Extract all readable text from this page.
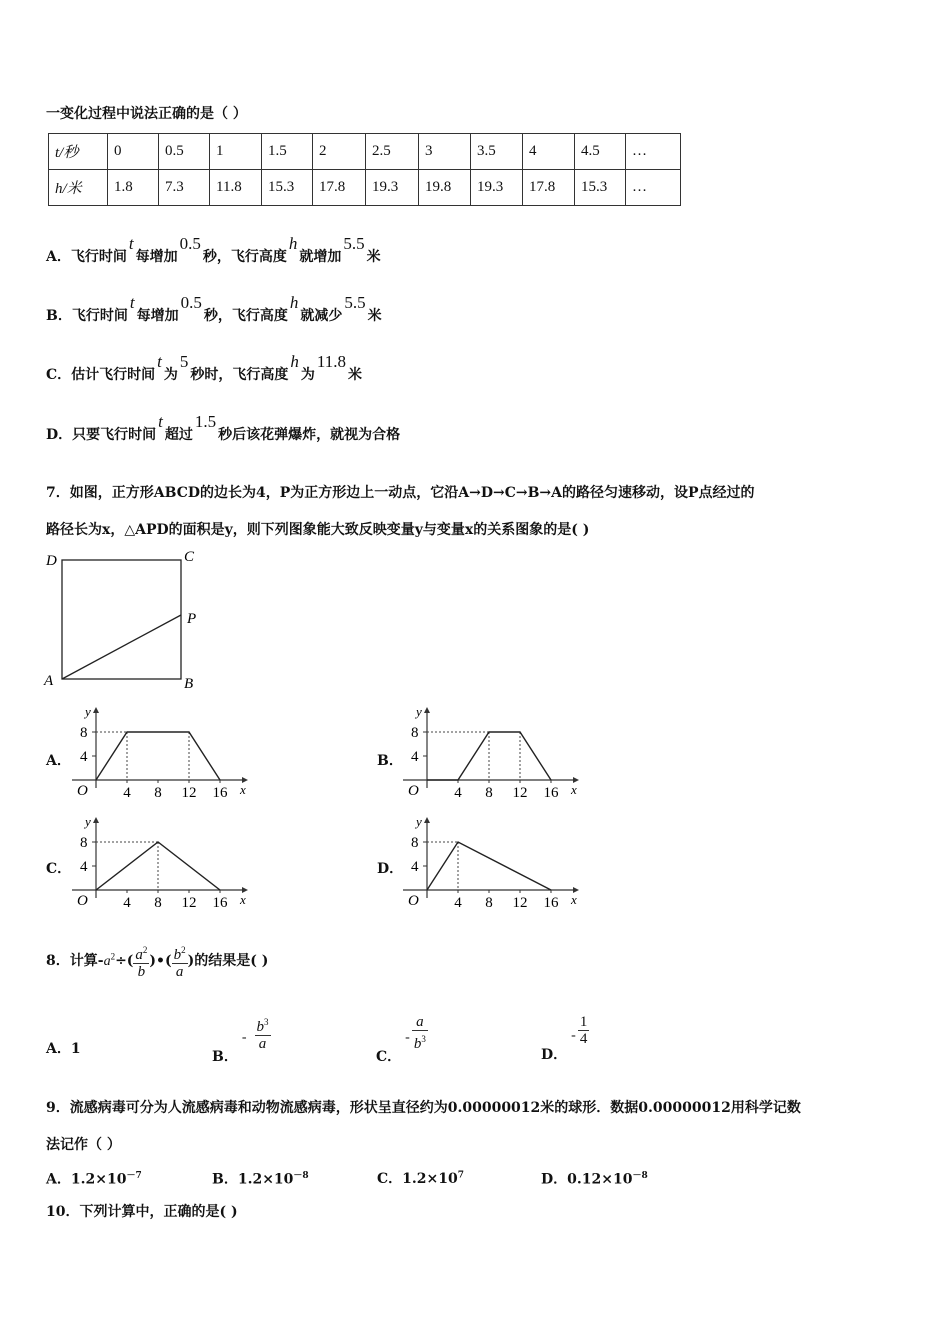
一变化过程中说法正确的是（ ）
t/秒	0	0.5	1	1.5	2	2.5	3	3.5	4	4.5	…
h/米	1.8	7.3	11.8	15.3	17.8	19.3	19.8	19.3	17.8	15.3	…
A．飞行时间t每增加0.5秒，飞行高度h就增加5.5米
B．飞行时间t每增加0.5秒，飞行高度h就减少5.5米
C．估计飞行时间t为5秒时，飞行高度h为11.8米
D．只要飞行时间t超过1.5秒后该花弹爆炸，就视为合格
7．如图，正方形ABCD的边长为4，P为正方形边上一动点，它沿A→D→C→B→A的路径匀速移动，设P点经过的
路径长为x，△APD的面积是y，则下列图象能大致反映变量y与变量x的关系图象的是( )
D	C
P
A	B
A．	B．
C．	D．
y
x
O
8
4
4 8 12 16
y
x
O
8
4
4 8 12 16
y
x
O
8
4
4 8 12 16
y
x
O
8
4
4 8 12 16
8．计算$-a^2\div( \frac{a^2}{b}$ )•( $\frac{b^2}{a}$ )的结果是( )
A．1	B．- $\frac{b^3}{a}$
C．- $\frac{a}{b^3}$
D．- $\frac{1}{4}$
9．流感病毒可分为人流感病毒和动物流感病毒，形状呈直径约为0.00000012米的球形．数据0.00000012用科学记数
法记作（ ）
A．$1.2\times 10^{-7}$	B．$1.2\times 10^{-8}$	C．$1.2\times 10^7$	D．$0.12\times 10^{-8}$
10．下列计算中，正确的是( )
